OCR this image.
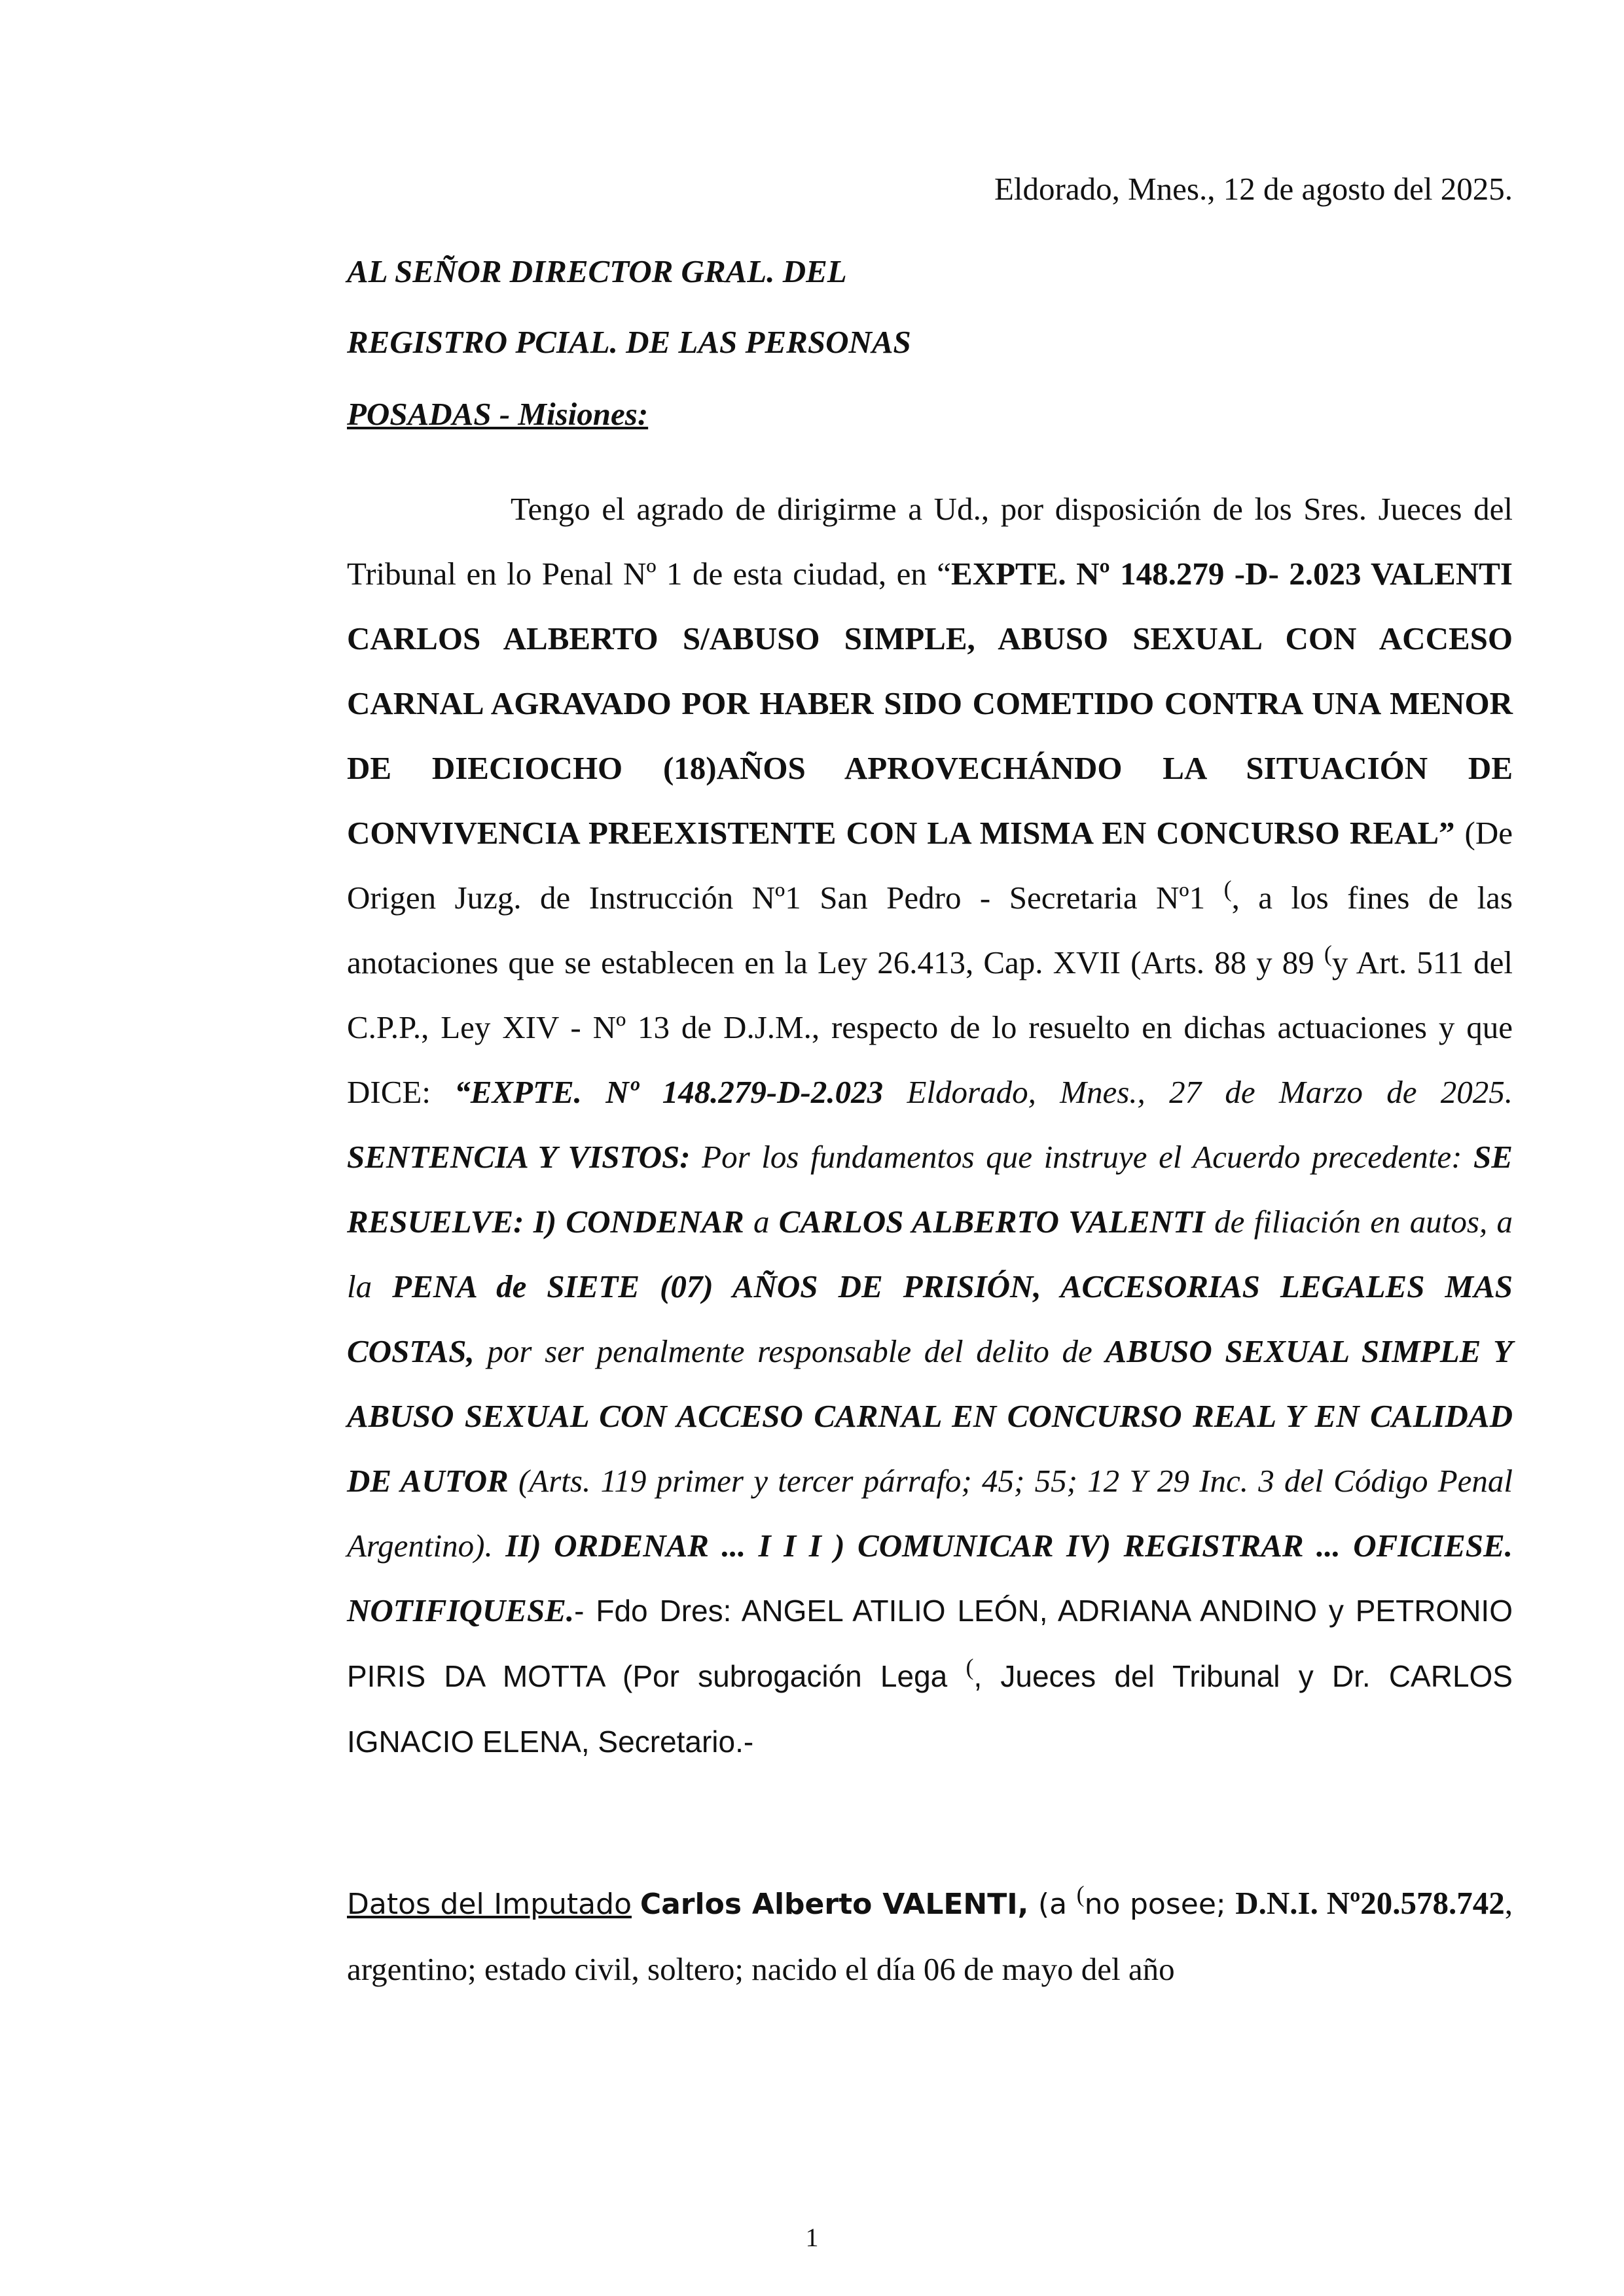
Eldorado, Mnes., 12 de agosto del 2025.
AL SEÑOR DIRECTOR GRAL. DEL
REGISTRO PCIAL. DE LAS PERSONAS
POSADAS - Misiones:
Tengo el agrado de dirigirme a Ud., por disposición de los Sres. Jueces del Tribunal en lo Penal Nº 1 de esta ciudad, en “EXPTE. Nº 148.279 -D- 2.023 VALENTI CARLOS ALBERTO S/ABUSO SIMPLE, ABUSO SEXUAL CON ACCESO CARNAL AGRAVADO POR HABER SIDO COMETIDO CONTRA UNA MENOR DE DIECIOCHO (18)AÑOS APROVECHÁNDO LA SITUACIÓN DE CONVIVENCIA PREEXISTENTE CON LA MISMA EN CONCURSO REAL” (De Origen Juzg. de Instrucción Nº1 San Pedro - Secretaria Nº1 (, a los fines de las anotaciones que se establecen en la Ley 26.413, Cap. XVII (Arts. 88 y 89 (y Art. 511 del C.P.P., Ley XIV - Nº 13 de D.J.M., respecto de lo resuelto en dichas actuaciones y que DICE: “EXPTE. Nº 148.279-D-2.023 Eldorado, Mnes., 27 de Marzo de 2025. SENTENCIA Y VISTOS: Por los fundamentos que instruye el Acuerdo precedente: SE RESUELVE: I) CONDENAR a CARLOS ALBERTO VALENTI de filiación en autos, a la PENA de SIETE (07) AÑOS DE PRISIÓN, ACCESORIAS LEGALES MAS COSTAS, por ser penalmente responsable del delito de ABUSO SEXUAL SIMPLE Y ABUSO SEXUAL CON ACCESO CARNAL EN CONCURSO REAL Y EN CALIDAD DE AUTOR (Arts. 119 primer y tercer párrafo; 45; 55; 12 Y 29 Inc. 3 del Código Penal Argentino). II) ORDENAR ... I I I ) COMUNICAR IV) REGISTRAR ... OFICIESE. NOTIFIQUESE.- Fdo Dres: ANGEL ATILIO LEÓN, ADRIANA ANDINO y PETRONIO PIRIS DA MOTTA (Por subrogación Lega (, Jueces del Tribunal y Dr. CARLOS IGNACIO ELENA, Secretario.-
Datos del Imputado Carlos Alberto VALENTI, (a (no posee; D.N.I. Nº20.578.742, argentino; estado civil, soltero; nacido el día 06 de mayo del año
1
